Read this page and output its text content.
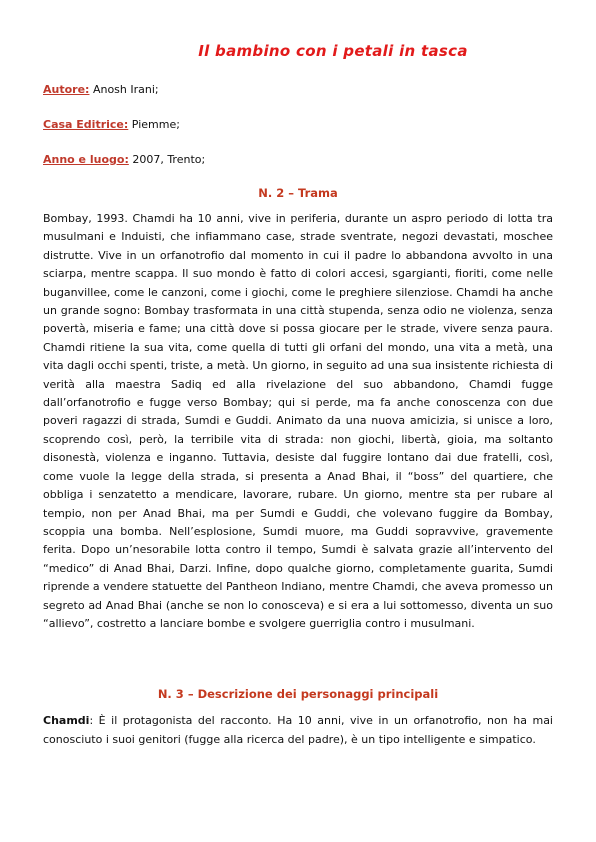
Il bambino con i petali in tasca
Autore: Anosh Irani;
Casa Editrice: Piemme;
Anno e luogo: 2007, Trento;
N. 2 – Trama

Bombay, 1993. Chamdi ha 10 anni, vive in periferia, durante un aspro periodo di lotta tra musulmani e Induisti, che infiammano case, strade sventrate, negozi devastati, moschee distrutte. Vive in un orfanotrofio dal momento in cui il padre lo abbandona avvolto in una sciarpa, mentre scappa. Il suo mondo è fatto di colori accesi, sgargianti, fioriti, come nelle buganvillee, come le canzoni, come i giochi, come le preghiere silenziose. Chamdi ha anche un grande sogno: Bombay trasformata in una città stupenda, senza odio ne violenza, senza povertà, miseria e fame; una città dove si possa giocare per le strade, vivere senza paura. Chamdi ritiene la sua vita, come quella di tutti gli orfani del mondo, una vita a metà, una vita dagli occhi spenti, triste, a metà. Un giorno, in seguito ad una sua insistente richiesta di verità alla maestra Sadiq ed alla rivelazione del suo abbandono, Chamdi fugge dall’orfanotrofio e fugge verso Bombay; qui si perde, ma fa anche conoscenza con due poveri ragazzi di strada, Sumdi e Guddi. Animato da una nuova amicizia, si unisce a loro, scoprendo così, però, la terribile vita di strada: non giochi, libertà, gioia, ma soltanto disonestà, violenza e inganno. Tuttavia, desiste dal fuggire lontano dai due fratelli, così, come vuole la legge della strada, si presenta a Anad Bhai, il “boss” del quartiere, che obbliga i senzatetto a mendicare, lavorare, rubare. Un giorno, mentre sta per rubare al tempio, non per Anad Bhai, ma per Sumdi e Guddi, che volevano fuggire da Bombay, scoppia una bomba. Nell’esplosione, Sumdi muore, ma Guddi sopravvive, gravemente ferita. Dopo un’nesorabile lotta contro il tempo, Sumdi è salvata grazie all’intervento del “medico” di Anad Bhai, Darzi. Infine, dopo qualche giorno, completamente guarita, Sumdi riprende a vendere statuette del Pantheon Indiano, mentre Chamdi, che aveva promesso un segreto ad Anad Bhai (anche se non lo conosceva) e si era a lui sottomesso, diventa un suo “allievo”, costretto a lanciare bombe e svolgere guerriglia contro i musulmani.

N. 3 – Descrizione dei personaggi principali

Chamdi: È il protagonista del racconto. Ha 10 anni, vive in un orfanotrofio, non ha mai conosciuto i suoi genitori (fugge alla ricerca del padre), è un tipo intelligente e simpatico.
